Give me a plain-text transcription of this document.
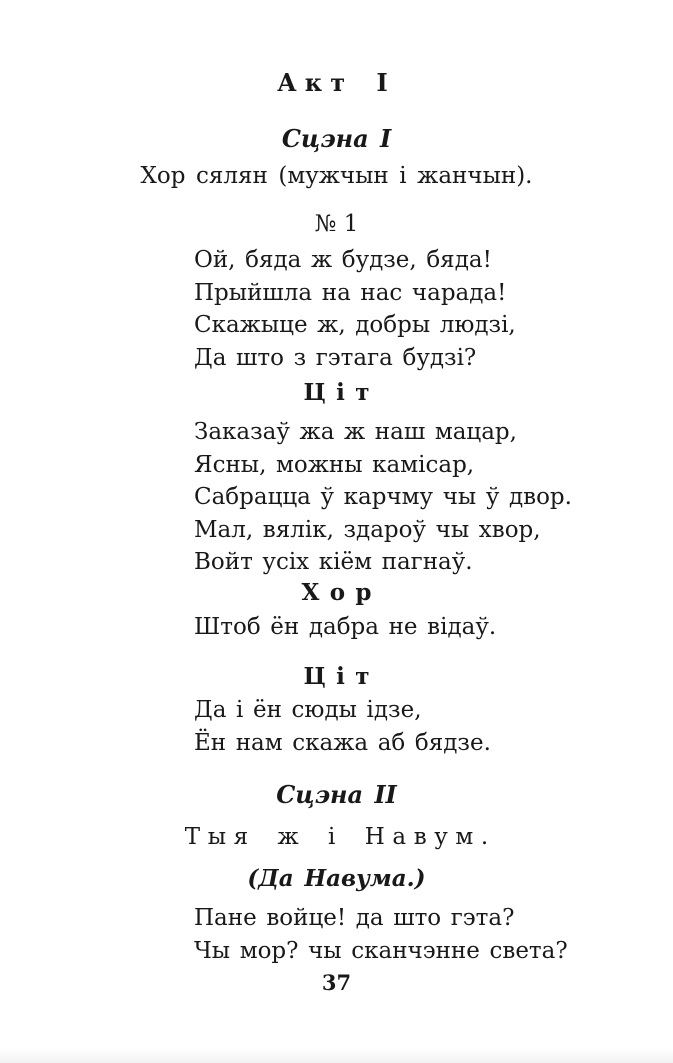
Акт I
Сцэна I
Хор сялян (мужчын і жанчын).
№ 1
Ой, бяда ж будзе, бяда!
Прыйшла на нас чарада!
Скажыце ж, добры людзі,
Да што з гэтага будзі?
Ціт
Заказаў жа ж наш мацар,
Ясны, можны камісар,
Сабрацца ў карчму чы ў двор.
Мал, вялік, здароў чы хвор,
Войт усіх кіём пагнаў.
Хор
Штоб ён дабра не відаў.
Ціт
Да і ён сюды ідзе,
Ён нам скажа аб бядзе.
Сцэна II
Тыя ж і Навум.
(Да Навума.)
Пане войце! да што гэта?
Чы мор? чы сканчэнне света?
37
